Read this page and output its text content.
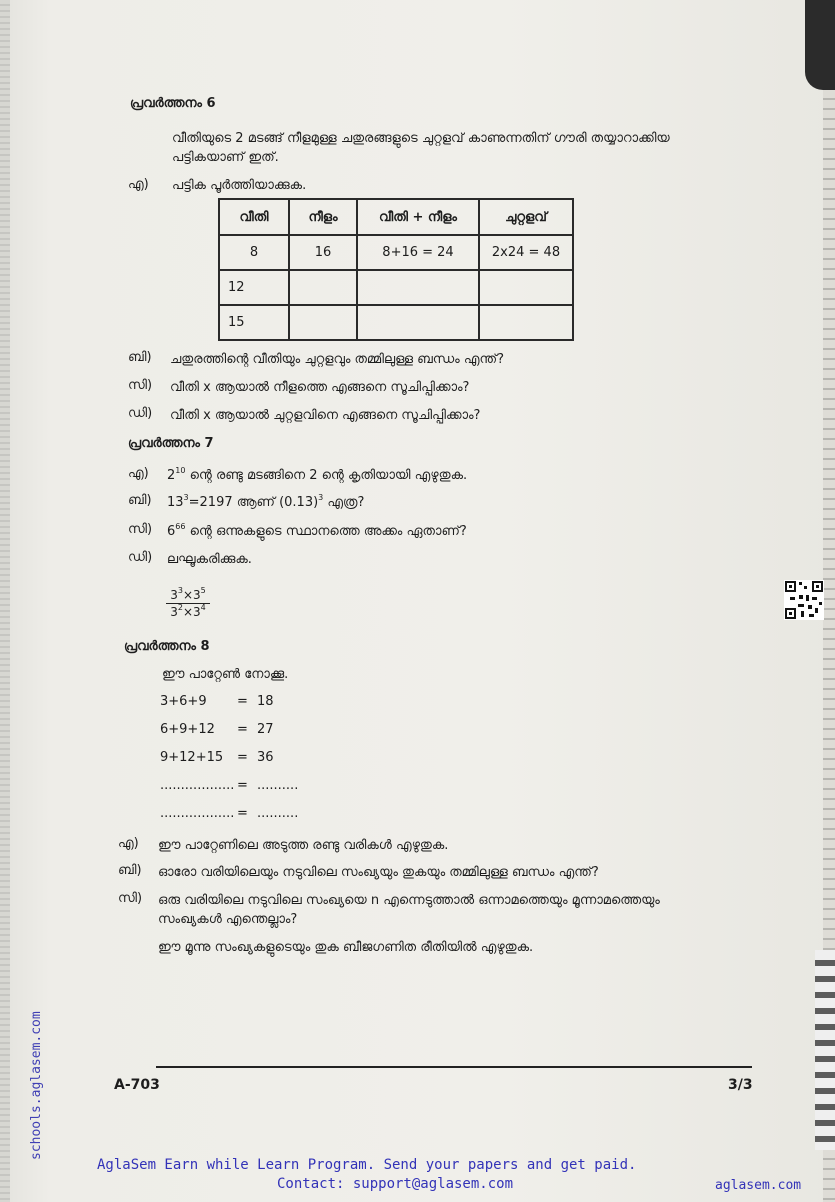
പ്രവർത്തനം 6
വീതിയുടെ 2 മടങ്ങ് നീളമുള്ള ചതുരങ്ങളുടെ ചുറ്റളവ് കാണുന്നതിന് ഗൗരി തയ്യാറാക്കിയ
പട്ടികയാണ് ഇത്.
എ) പട്ടിക പൂർത്തിയാക്കുക.
വീതി	നീളം	വീതി + നീളം	ചുറ്റളവ്
8	16	8+16 = 24	2x24 = 48
12			
15			
ബി) ചതുരത്തിന്റെ വീതിയും ചുറ്റളവും തമ്മിലുള്ള ബന്ധം എന്ത്?
സി) വീതി x ആയാൽ നീളത്തെ എങ്ങനെ സൂചിപ്പിക്കാം?
ഡി) വീതി x ആയാൽ ചുറ്റളവിനെ എങ്ങനെ സൂചിപ്പിക്കാം?
പ്രവർത്തനം 7
എ) $2^{10}$ ന്റെ രണ്ടു മടങ്ങിനെ 2 ന്റെ കൃതിയായി എഴുതുക.
ബി) $13^3=2197$ ആണ് $(0.13)^3$ എത്ര?
സി) $6^{66}$ ന്റെ ഒന്നുകളുടെ സ്ഥാനത്തെ അക്കം ഏതാണ്?
ഡി) ലഘൂകരിക്കുക.
$\frac{3^3\times 3^5}{3^2\times 3^4}$
പ്രവർത്തനം 8
ഈ പാറ്റേൺ നോക്കൂ.
3+6+9 = 18
6+9+12 = 27
9+12+15 = 36
.................. = ..........
.................. = ..........
എ) ഈ പാറ്റേണിലെ അടുത്ത രണ്ടു വരികൾ എഴുതുക.
ബി) ഓരോ വരിയിലെയും നടുവിലെ സംഖ്യയും തുകയും തമ്മിലുള്ള ബന്ധം എന്ത്?
സി) ഒരു വരിയിലെ നടുവിലെ സംഖ്യയെ n എന്നെടുത്താൽ ഒന്നാമത്തെയും മൂന്നാമത്തെയും
സംഖ്യകൾ എന്തെല്ലാം?
ഈ മൂന്നു സംഖ്യകളുടെയും തുക ബീജഗണിത രീതിയിൽ എഴുതുക.
A-703	3/3
schools.aglasem.com
AglaSem Earn while Learn Program. Send your papers and get paid.
Contact: support@aglasem.com	aglasem.com
